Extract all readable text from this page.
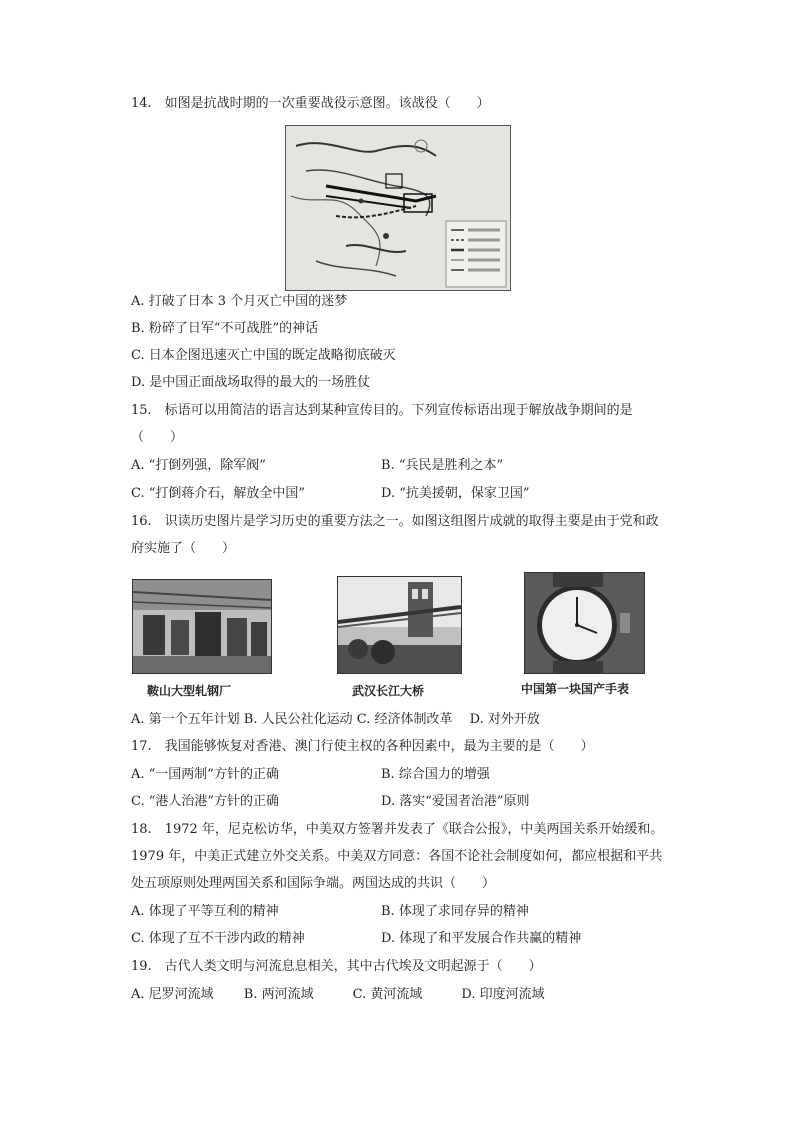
14.　如图是抗战时期的一次重要战役示意图。该战役（　　）
A. 打破了日本 3 个月灭亡中国的迷梦
B. 粉碎了日军“不可战胜”的神话
C. 日本企图迅速灭亡中国的既定战略彻底破灭
D. 是中国正面战场取得的最大的一场胜仗
15.　标语可以用简洁的语言达到某种宣传目的。下列宣传标语出现于解放战争期间的是
（　　）
A. “打倒列强，除军阀”	B. “兵民是胜利之本”
C. “打倒蒋介石，解放全中国”	D. “抗美援朝，保家卫国”
16.　识读历史图片是学习历史的重要方法之一。如图这组图片成就的取得主要是由于党和政
府实施了（　　）
鞍山大型轧钢厂	武汉长江大桥	中国第一块国产手表
A. 第一个五年计划 B. 人民公社化运动 C. 经济体制改革　 D. 对外开放
17.　我国能够恢复对香港、澳门行使主权的各种因素中，最为主要的是（　　）
A. “一国两制”方针的正确	B. 综合国力的增强
C. “港人治港”方针的正确	D. 落实“爱国者治港”原则
18.　1972 年，尼克松访华，中美双方签署并发表了《联合公报》，中美两国关系开始缓和。
1979 年，中美正式建立外交关系。中美双方同意：各国不论社会制度如何，都应根据和平共
处五项原则处理两国关系和国际争端。两国达成的共识（　　）
A. 体现了平等互利的精神	B. 体现了求同存异的精神
C. 体现了互不干涉内政的精神	D. 体现了和平发展合作共赢的精神
19.　古代人类文明与河流息息相关，其中古代埃及文明起源于（　　）
A. 尼罗河流域　　 B. 两河流域　　　C. 黄河流域　　　D. 印度河流域
